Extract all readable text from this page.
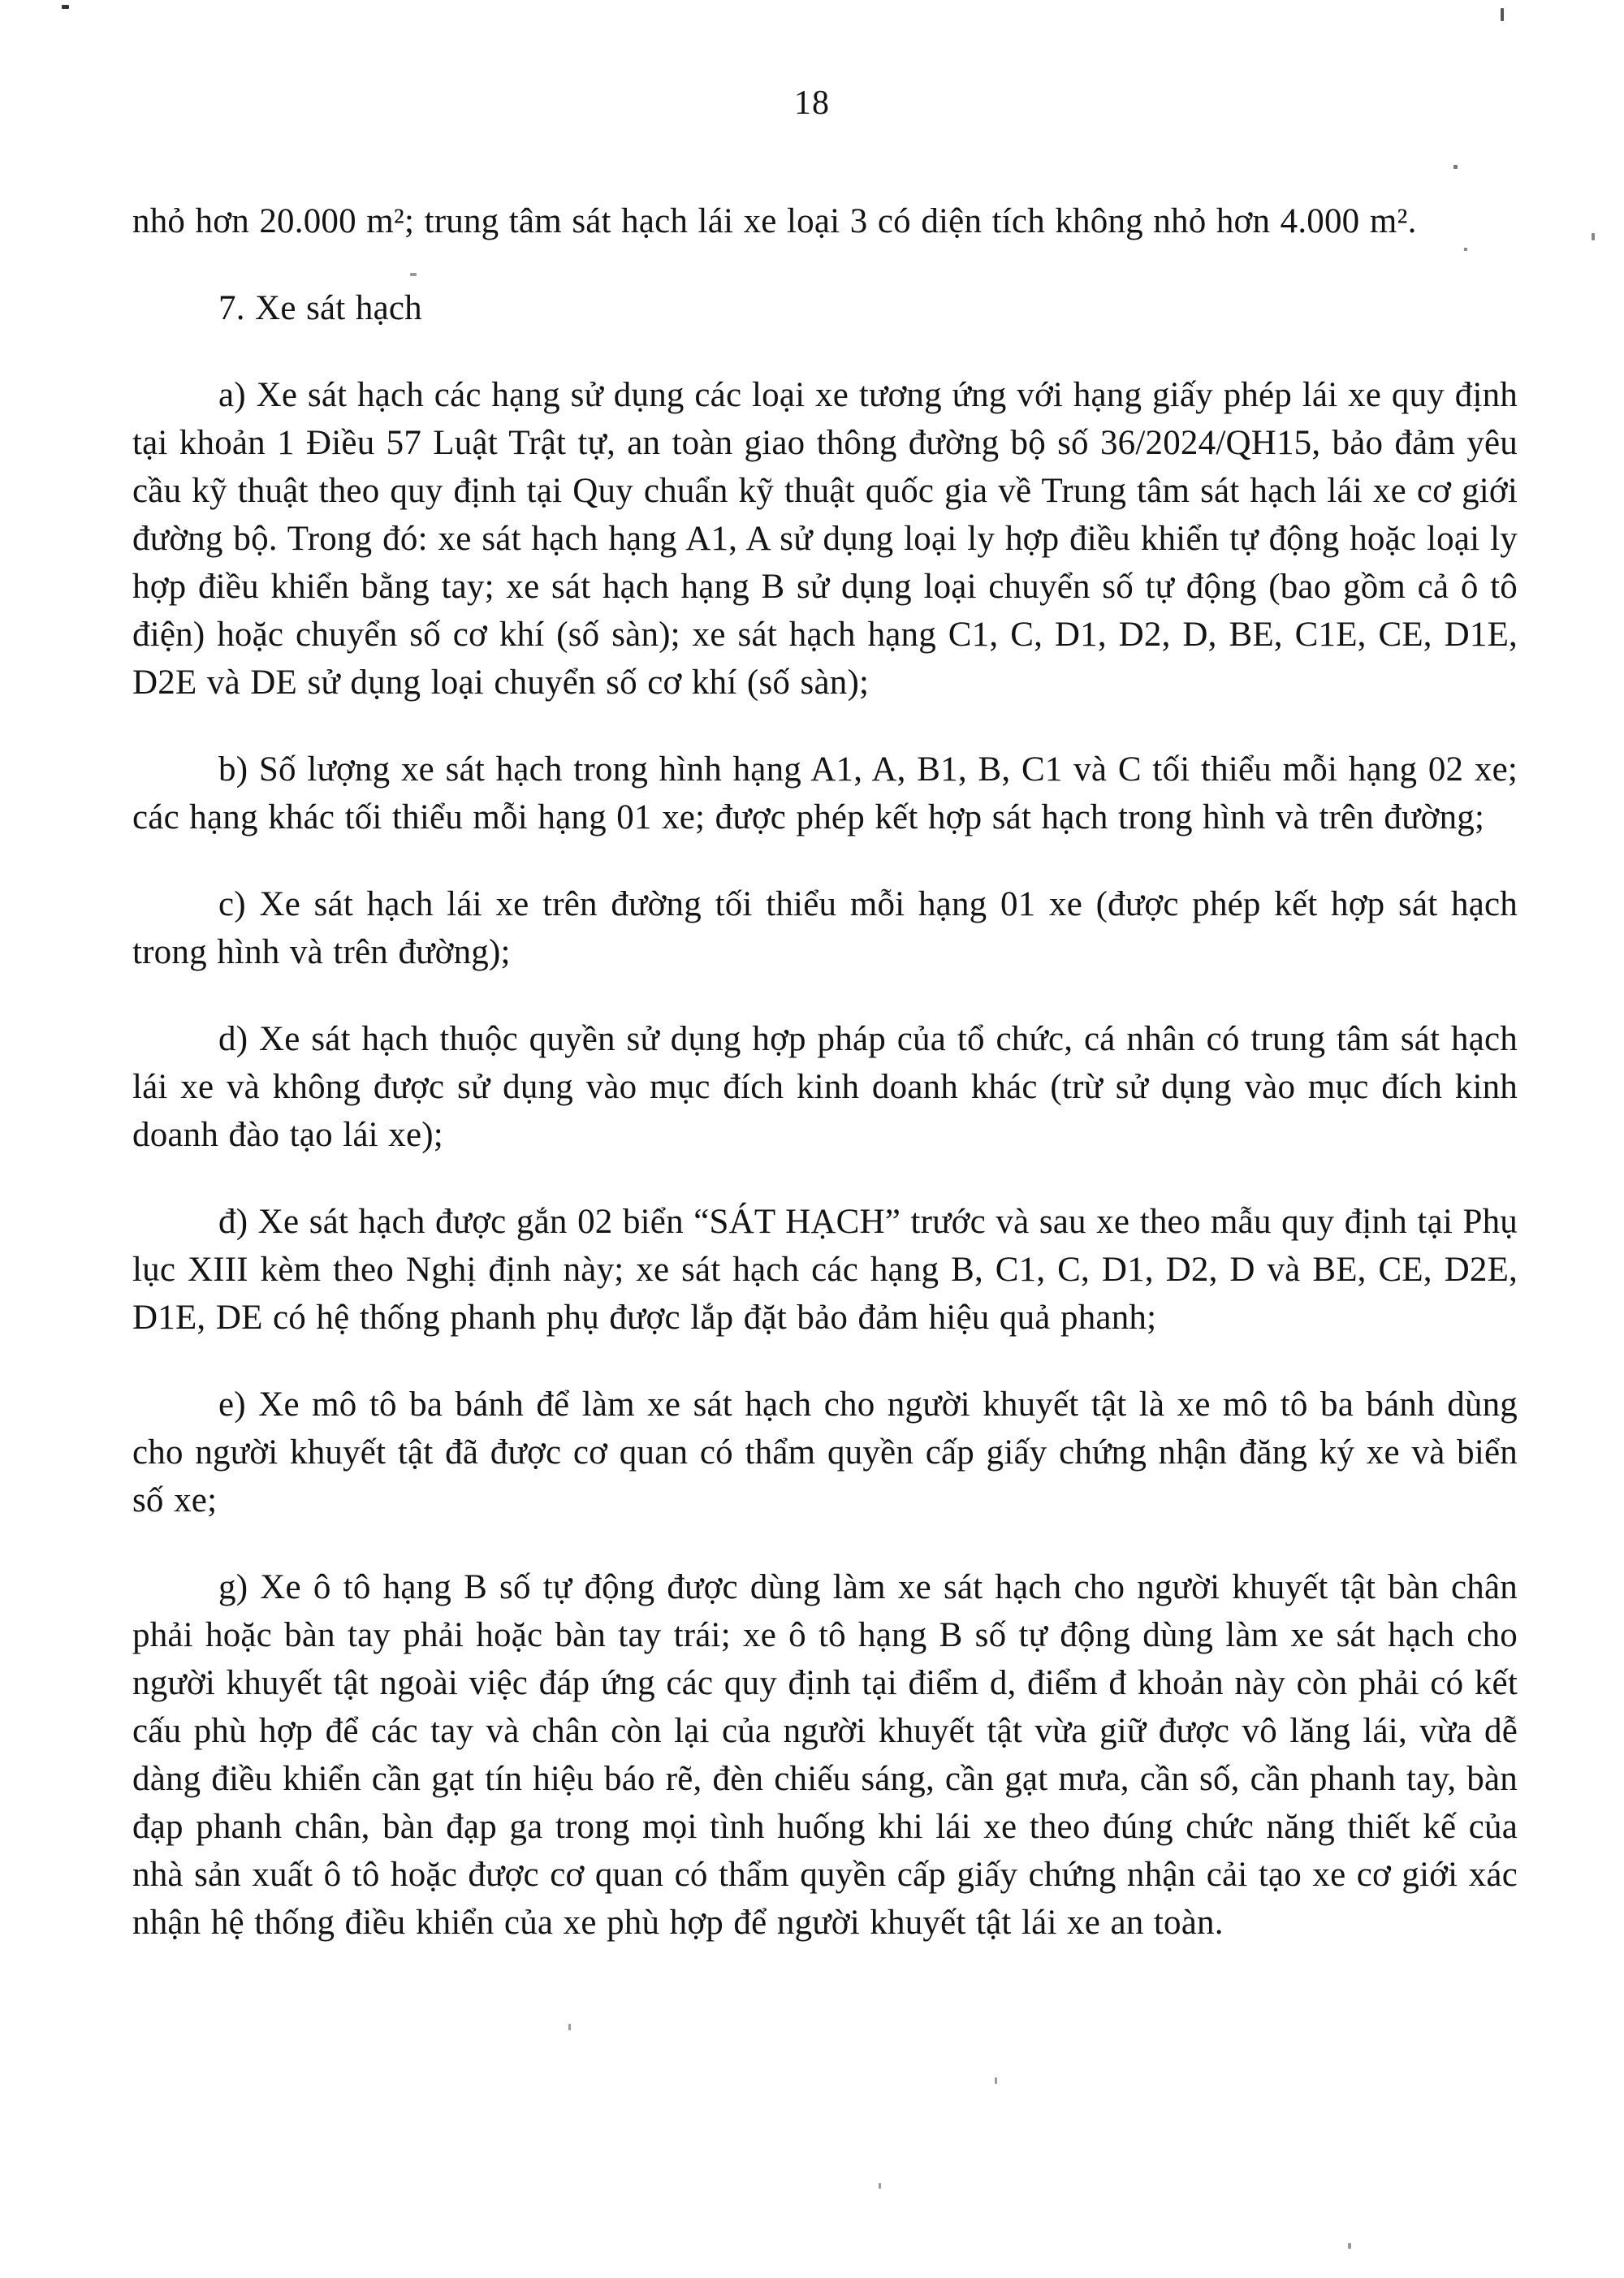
18

nhỏ hơn 20.000 m²; trung tâm sát hạch lái xe loại 3 có diện tích không nhỏ hơn 4.000 m².

7. Xe sát hạch

a) Xe sát hạch các hạng sử dụng các loại xe tương ứng với hạng giấy phép lái xe quy định tại khoản 1 Điều 57 Luật Trật tự, an toàn giao thông đường bộ số 36/2024/QH15, bảo đảm yêu cầu kỹ thuật theo quy định tại Quy chuẩn kỹ thuật quốc gia về Trung tâm sát hạch lái xe cơ giới đường bộ. Trong đó: xe sát hạch hạng A1, A sử dụng loại ly hợp điều khiển tự động hoặc loại ly hợp điều khiển bằng tay; xe sát hạch hạng B sử dụng loại chuyển số tự động (bao gồm cả ô tô điện) hoặc chuyển số cơ khí (số sàn); xe sát hạch hạng C1, C, D1, D2, D, BE, C1E, CE, D1E, D2E và DE sử dụng loại chuyển số cơ khí (số sàn);

b) Số lượng xe sát hạch trong hình hạng A1, A, B1, B, C1 và C tối thiểu mỗi hạng 02 xe; các hạng khác tối thiểu mỗi hạng 01 xe; được phép kết hợp sát hạch trong hình và trên đường;

c) Xe sát hạch lái xe trên đường tối thiểu mỗi hạng 01 xe (được phép kết hợp sát hạch trong hình và trên đường);

d) Xe sát hạch thuộc quyền sử dụng hợp pháp của tổ chức, cá nhân có trung tâm sát hạch lái xe và không được sử dụng vào mục đích kinh doanh khác (trừ sử dụng vào mục đích kinh doanh đào tạo lái xe);

đ) Xe sát hạch được gắn 02 biển “SÁT HẠCH” trước và sau xe theo mẫu quy định tại Phụ lục XIII kèm theo Nghị định này; xe sát hạch các hạng B, C1, C, D1, D2, D và BE, CE, D2E, D1E, DE có hệ thống phanh phụ được lắp đặt bảo đảm hiệu quả phanh;

e) Xe mô tô ba bánh để làm xe sát hạch cho người khuyết tật là xe mô tô ba bánh dùng cho người khuyết tật đã được cơ quan có thẩm quyền cấp giấy chứng nhận đăng ký xe và biển số xe;

g) Xe ô tô hạng B số tự động được dùng làm xe sát hạch cho người khuyết tật bàn chân phải hoặc bàn tay phải hoặc bàn tay trái; xe ô tô hạng B số tự động dùng làm xe sát hạch cho người khuyết tật ngoài việc đáp ứng các quy định tại điểm d, điểm đ khoản này còn phải có kết cấu phù hợp để các tay và chân còn lại của người khuyết tật vừa giữ được vô lăng lái, vừa dễ dàng điều khiển cần gạt tín hiệu báo rẽ, đèn chiếu sáng, cần gạt mưa, cần số, cần phanh tay, bàn đạp phanh chân, bàn đạp ga trong mọi tình huống khi lái xe theo đúng chức năng thiết kế của nhà sản xuất ô tô hoặc được cơ quan có thẩm quyền cấp giấy chứng nhận cải tạo xe cơ giới xác nhận hệ thống điều khiển của xe phù hợp để người khuyết tật lái xe an toàn.
